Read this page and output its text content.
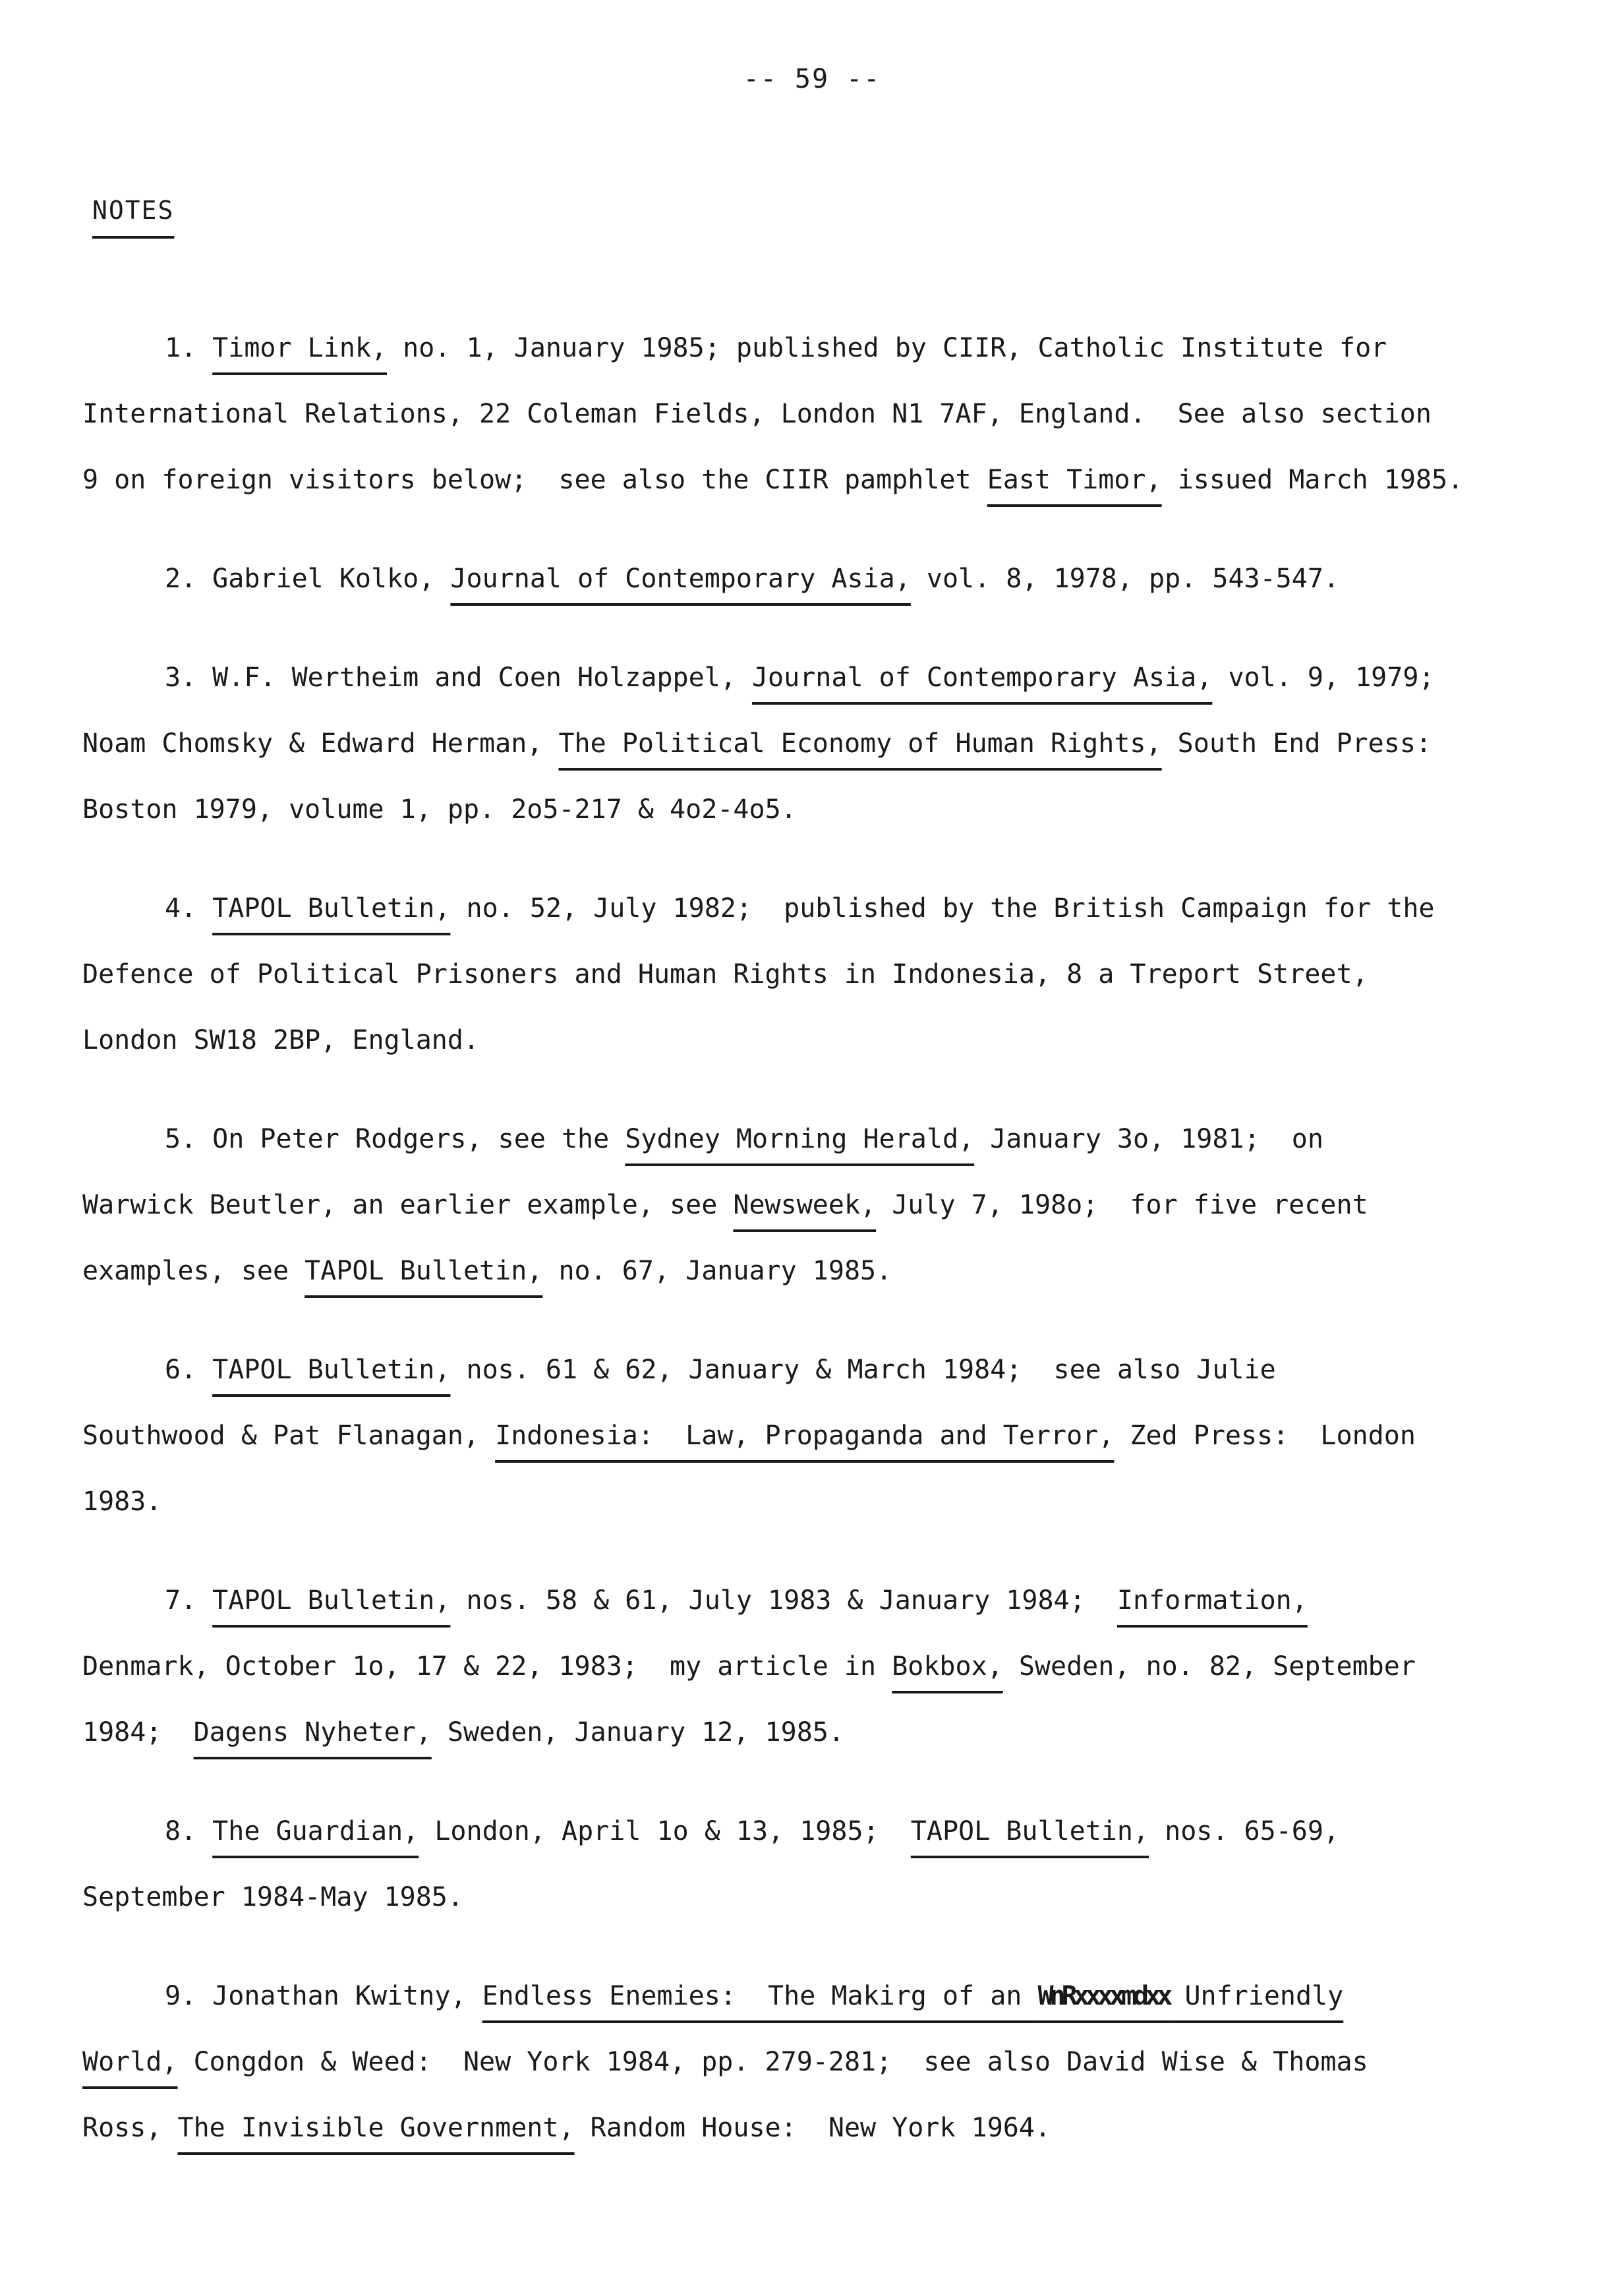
-- 59 --
NOTES

1. Timor Link, no. 1, January 1985; published by CIIR, Catholic Institute for

International Relations, 22 Coleman Fields, London N1 7AF, England.  See also section

9 on foreign visitors below;  see also the CIIR pamphlet East Timor, issued March 1985.

2. Gabriel Kolko, Journal of Contemporary Asia, vol. 8, 1978, pp. 543-547.

3. W.F. Wertheim and Coen Holzappel, Journal of Contemporary Asia, vol. 9, 1979;

Noam Chomsky & Edward Herman, The Political Economy of Human Rights, South End Press:

Boston 1979, volume 1, pp. 2o5-217 & 4o2-4o5.

4. TAPOL Bulletin, no. 52, July 1982;  published by the British Campaign for the

Defence of Political Prisoners and Human Rights in Indonesia, 8 a Treport Street,

London SW18 2BP, England.

5. On Peter Rodgers, see the Sydney Morning Herald, January 3o, 1981;  on

Warwick Beutler, an earlier example, see Newsweek, July 7, 198o;  for five recent

examples, see TAPOL Bulletin, no. 67, January 1985.

6. TAPOL Bulletin, nos. 61 & 62, January & March 1984;  see also Julie

Southwood & Pat Flanagan, Indonesia:  Law, Propaganda and Terror, Zed Press:  London

1983.

7. TAPOL Bulletin, nos. 58 & 61, July 1983 & January 1984;  Information,

Denmark, October 1o, 17 & 22, 1983;  my article in Bokbox, Sweden, no. 82, September

1984;  Dagens Nyheter, Sweden, January 12, 1985.

8. The Guardian, London, April 1o & 13, 1985;  TAPOL Bulletin, nos. 65-69,

September 1984-May 1985.

9. Jonathan Kwitny, Endless Enemies:  The Makirg of an WnRxxxxmdxx Unfriendly

World, Congdon & Weed:  New York 1984, pp. 279-281;  see also David Wise & Thomas

Ross, The Invisible Government, Random House:  New York 1964.
